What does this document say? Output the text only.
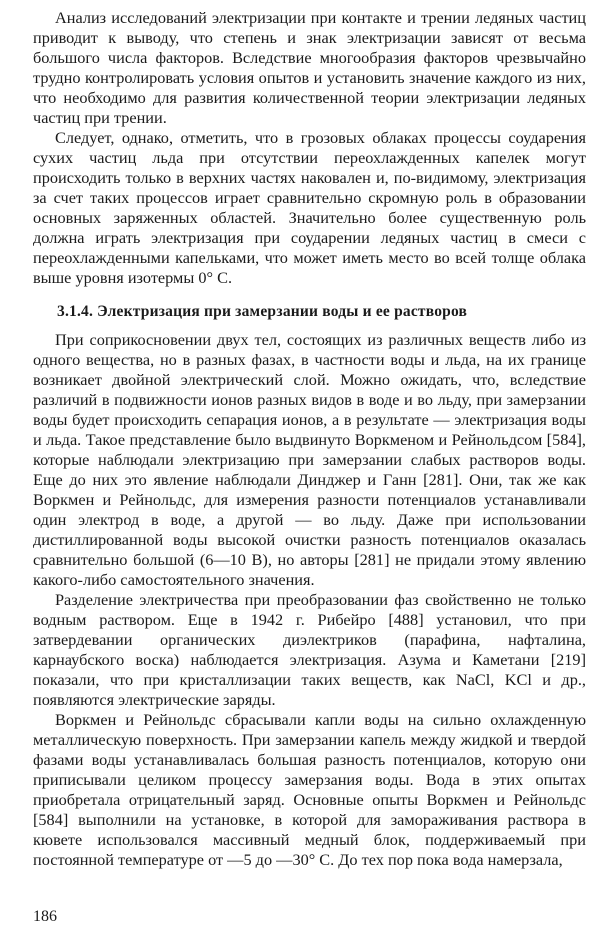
Анализ исследований электризации при контакте и трении ледяных частиц приводит к выводу, что степень и знак электризации зависят от весьма большого числа факторов. Вследствие многообразия факторов чрезвычайно трудно контролировать условия опытов и установить значение каждого из них, что необходимо для развития количественной теории электризации ледяных частиц при трении.

Следует, однако, отметить, что в грозовых облаках процессы соударения сухих частиц льда при отсутствии переохлажденных капелек могут происходить только в верхних частях наковален и, по-видимому, электризация за счет таких процессов играет сравнительно скромную роль в образовании основных заряженных областей. Значительно более существенную роль должна играть электризация при соударении ледяных частиц в смеси с переохлажденными капельками, что может иметь место во всей толще облака выше уровня изотермы 0° С.

3.1.4. Электризация при замерзании воды и ее растворов

При соприкосновении двух тел, состоящих из различных веществ либо из одного вещества, но в разных фазах, в частности воды и льда, на их границе возникает двойной электрический слой. Можно ожидать, что, вследствие различий в подвижности ионов разных видов в воде и во льду, при замерзании воды будет происходить сепарация ионов, а в результате — электризация воды и льда. Такое представление было выдвинуто Воркменом и Рейнольдсом [584], которые наблюдали электризацию при замерзании слабых растворов воды. Еще до них это явление наблюдали Динджер и Ганн [281]. Они, так же как Воркмен и Рейнольдс, для измерения разности потенциалов устанавливали один электрод в воде, а другой — во льду. Даже при использовании дистиллированной воды высокой очистки разность потенциалов оказалась сравнительно большой (6—10 В), но авторы [281] не придали этому явлению какого-либо самостоятельного значения.

Разделение электричества при преобразовании фаз свойственно не только водным раствором. Еще в 1942 г. Рибейро [488] установил, что при затвердевании органических диэлектриков (парафина, нафталина, карнаубского воска) наблюдается электризация. Азума и Каметани [219] показали, что при кристаллизации таких веществ, как NaCl, KCl и др., появляются электрические заряды.

Воркмен и Рейнольдс сбрасывали капли воды на сильно охлажденную металлическую поверхность. При замерзании капель между жидкой и твердой фазами воды устанавливалась большая разность потенциалов, которую они приписывали целиком процессу замерзания воды. Вода в этих опытах приобретала отрицательный заряд. Основные опыты Воркмен и Рейнольдс [584] выполнили на установке, в которой для замораживания раствора в кювете использовался массивный медный блок, поддерживаемый при постоянной температуре от —5 до —30° С. До тех пор пока вода намерзала,

186
